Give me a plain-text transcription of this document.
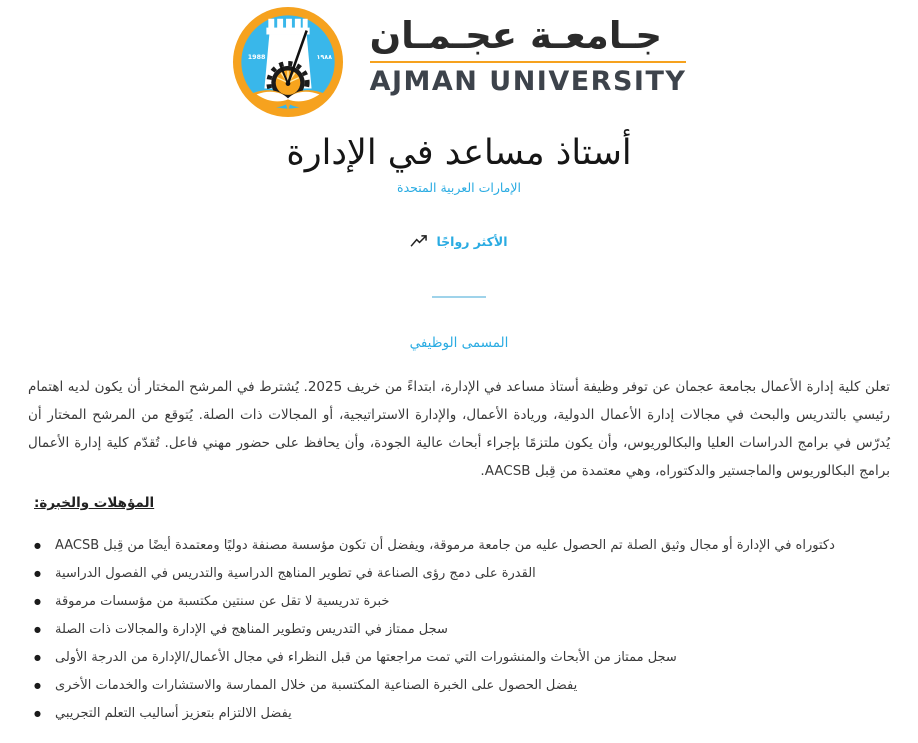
1988	١٩٨٨
جـامعـة عجـمـان
AJMAN UNIVERSITY
أستاذ مساعد في الإدارة
الإمارات العربية المتحدة
الأكثر رواجًا
المسمى الوظيفي

تعلن كلية إدارة الأعمال بجامعة عجمان عن توفر وظيفة أستاذ مساعد في الإدارة، ابتداءً من خريف 2025. يُشترط في المرشح المختار أن يكون لديه اهتمام رئيسي بالتدريس والبحث في مجالات إدارة الأعمال الدولية، وريادة الأعمال، والإدارة الاستراتيجية، أو المجالات ذات الصلة. يُتوقع من المرشح المختار أن يُدرّس في برامج الدراسات العليا والبكالوريوس، وأن يكون ملتزمًا بإجراء أبحاث عالية الجودة، وأن يحافظ على حضور مهني فاعل. تُقدّم كلية إدارة الأعمال برامج البكالوريوس والماجستير والدكتوراه، وهي معتمدة من قِبل AACSB.

المؤهلات والخبرة:
● دكتوراه في الإدارة أو مجال وثيق الصلة تم الحصول عليه من جامعة مرموقة، ويفضل أن تكون مؤسسة مصنفة دوليًا ومعتمدة أيضًا من قِبل AACSB
● القدرة على دمج رؤى الصناعة في تطوير المناهج الدراسية والتدريس في الفصول الدراسية
● خبرة تدريسية لا تقل عن سنتين مكتسبة من مؤسسات مرموقة
● سجل ممتاز في التدريس وتطوير المناهج في الإدارة والمجالات ذات الصلة
● سجل ممتاز من الأبحاث والمنشورات التي تمت مراجعتها من قبل النظراء في مجال الأعمال/الإدارة من الدرجة الأولى
● يفضل الحصول على الخبرة الصناعية المكتسبة من خلال الممارسة والاستشارات والخدمات الأخرى
● يفضل الالتزام بتعزيز أساليب التعلم التجريبي
